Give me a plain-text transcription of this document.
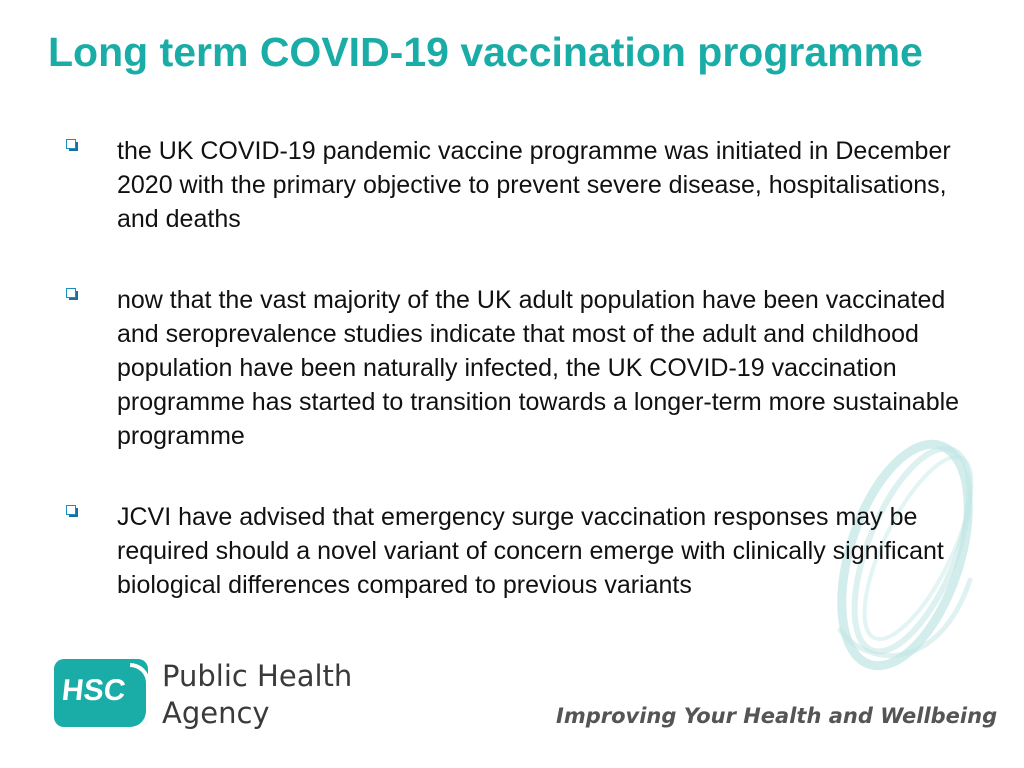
Long term COVID-19 vaccination programme
the UK COVID-19 pandemic vaccine programme was initiated in December 2020 with the primary objective to prevent severe disease, hospitalisations, and deaths
now that the vast majority of the UK adult population have been vaccinated and seroprevalence studies indicate that most of the adult and childhood population have been naturally infected, the UK COVID-19 vaccination programme has started to transition towards a longer-term more sustainable programme
JCVI have advised that emergency surge vaccination responses may be required should a novel variant of concern emerge with clinically significant biological differences compared to previous variants
HSC Public Health
Agency	Improving Your Health and Wellbeing
